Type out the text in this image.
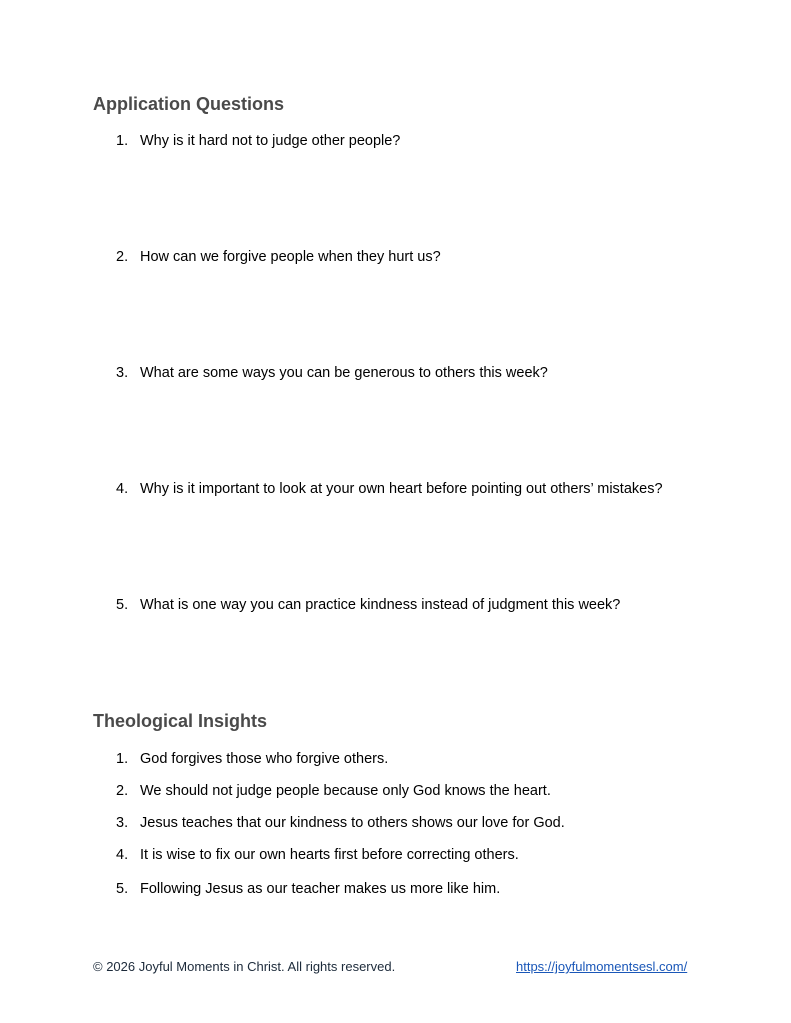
Application Questions
1. Why is it hard not to judge other people?
2. How can we forgive people when they hurt us?
3. What are some ways you can be generous to others this week?
4. Why is it important to look at your own heart before pointing out others’ mistakes?
5. What is one way you can practice kindness instead of judgment this week?
Theological Insights
1. God forgives those who forgive others.
2. We should not judge people because only God knows the heart.
3. Jesus teaches that our kindness to others shows our love for God.
4. It is wise to fix our own hearts first before correcting others.
5. Following Jesus as our teacher makes us more like him.
© 2026 Joyful Moments in Christ. All rights reserved.	https://joyfulmomentsesl.com/
